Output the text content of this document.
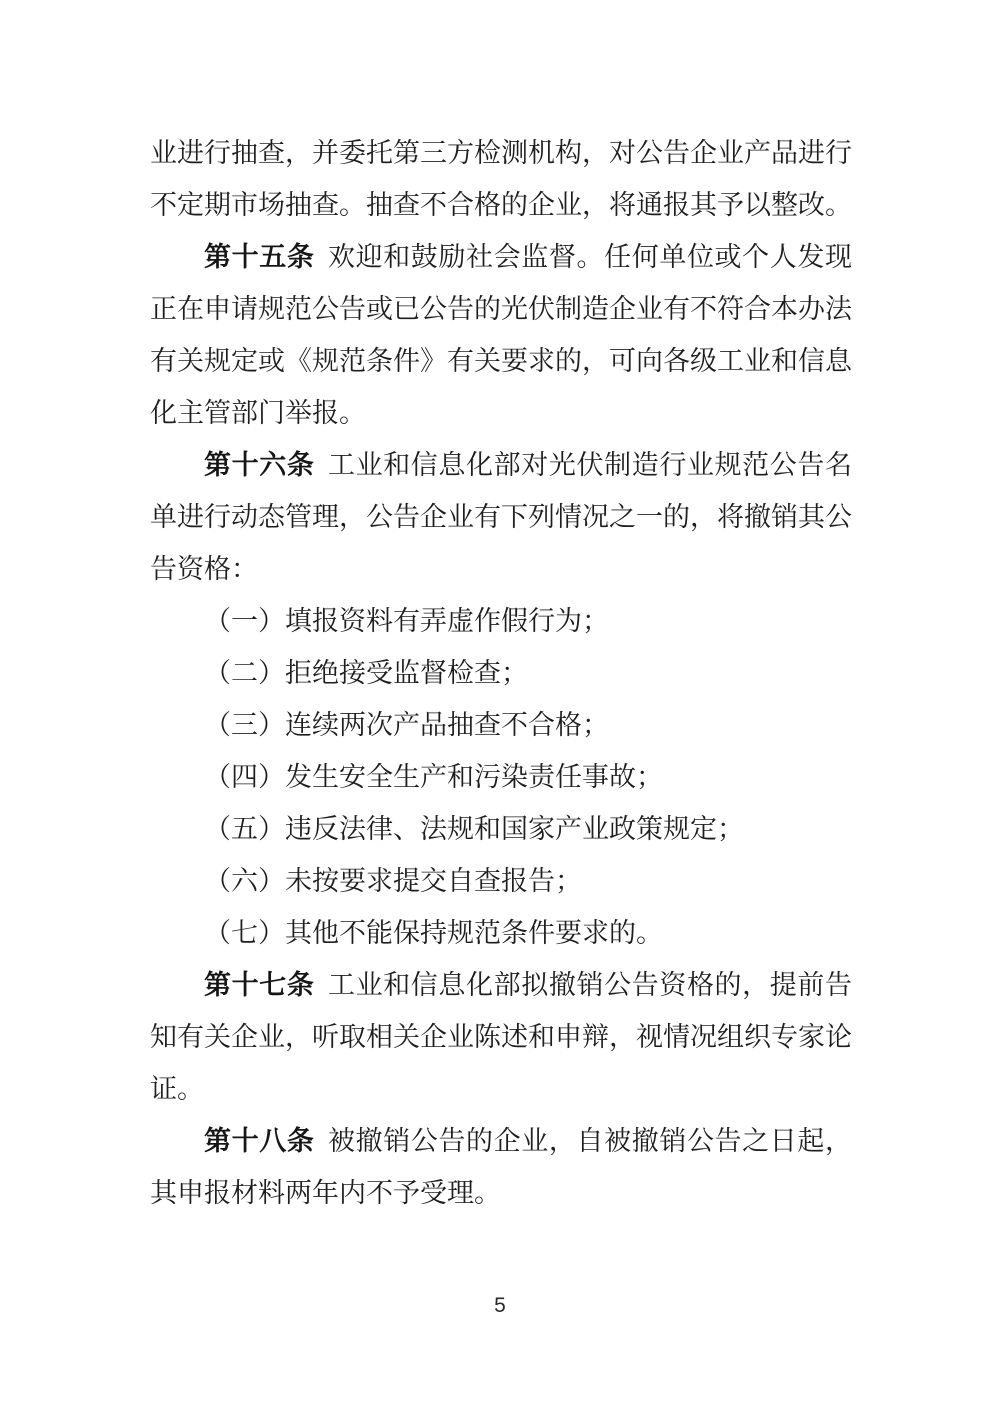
业进行抽查，并委托第三方检测机构，对公告企业产品进行不定期市场抽查。抽查不合格的企业，将通报其予以整改。

第十五条 欢迎和鼓励社会监督。任何单位或个人发现正在申请规范公告或已公告的光伏制造企业有不符合本办法有关规定或《规范条件》有关要求的，可向各级工业和信息化主管部门举报。

第十六条 工业和信息化部对光伏制造行业规范公告名单进行动态管理，公告企业有下列情况之一的，将撤销其公告资格：

（一）填报资料有弄虚作假行为；

（二）拒绝接受监督检查；

（三）连续两次产品抽查不合格；

（四）发生安全生产和污染责任事故；

（五）违反法律、法规和国家产业政策规定；

（六）未按要求提交自查报告；

（七）其他不能保持规范条件要求的。

第十七条 工业和信息化部拟撤销公告资格的，提前告知有关企业，听取相关企业陈述和申辩，视情况组织专家论证。

第十八条 被撤销公告的企业，自被撤销公告之日起，其申报材料两年内不予受理。

5
